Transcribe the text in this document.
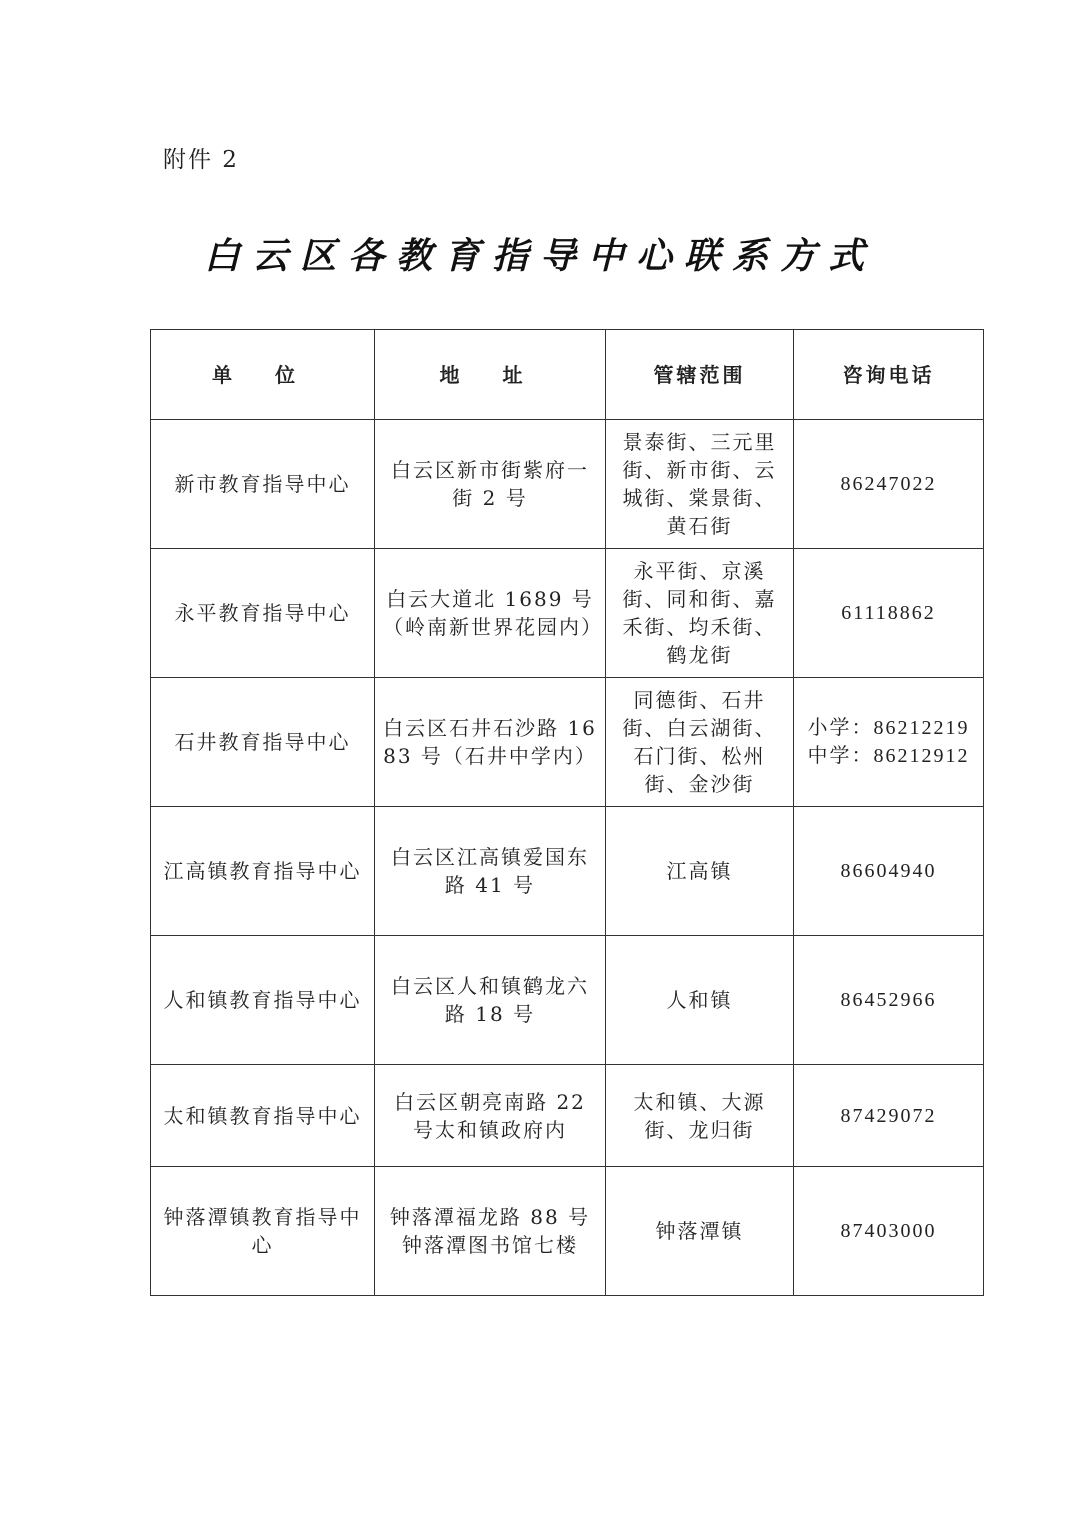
附件 2
白云区各教育指导中心联系方式
单 位	地 址	管辖范围	咨询电话
新市教育指导中心	白云区新市街紫府一街 2 号	景泰街、三元里街、新市街、云城街、棠景街、黄石街	86247022
永平教育指导中心	白云大道北 1689 号（岭南新世界花园内）	永平街、京溪街、同和街、嘉禾街、均禾街、鹤龙街	61118862
石井教育指导中心	白云区石井石沙路 1683 号（石井中学内）	同德街、石井街、白云湖街、石门街、松州街、金沙街	小学：86212219
中学：86212912

江高镇教育指导中心	白云区江高镇爱国东路 41 号	江高镇	86604940
人和镇教育指导中心	白云区人和镇鹤龙六路 18 号	人和镇	86452966
太和镇教育指导中心	白云区朝亮南路 22 号太和镇政府内	太和镇、大源街、龙归街	87429072
钟落潭镇教育指导中心	钟落潭福龙路 88 号钟落潭图书馆七楼	钟落潭镇	87403000
